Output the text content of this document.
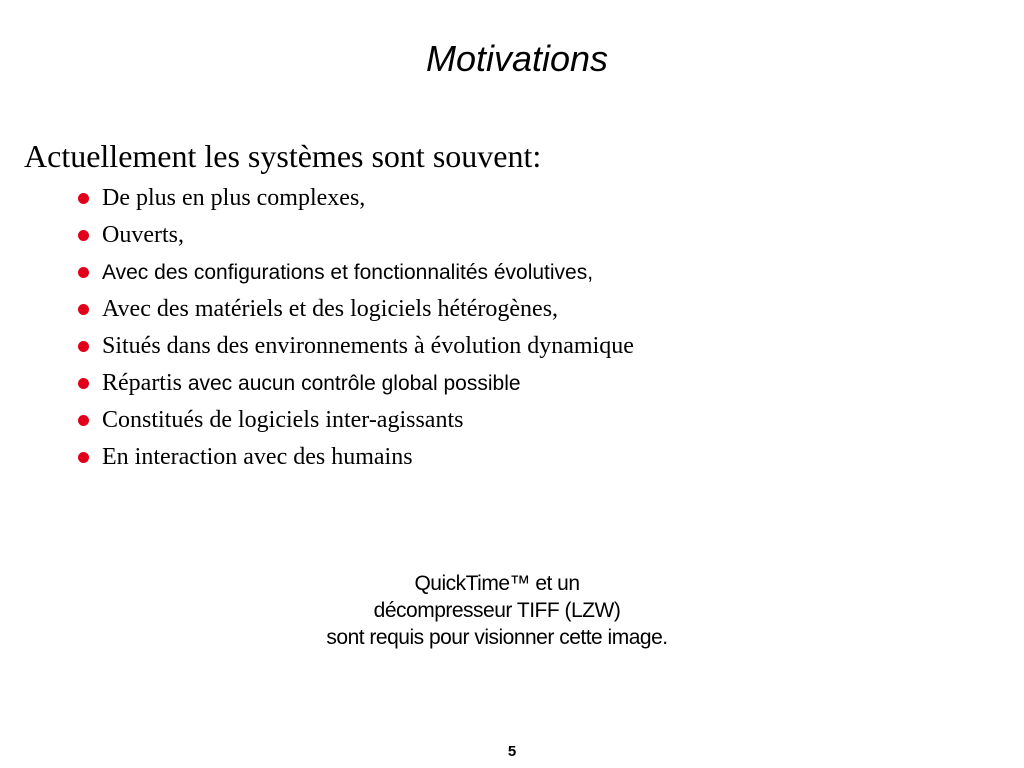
Motivations
Actuellement les systèmes sont souvent:
De plus en plus complexes,
Ouverts,
Avec des configurations et fonctionnalités évolutives,
Avec des matériels et des logiciels hétérogènes,
Situés dans des environnements à évolution dynamique
Répartis avec aucun contrôle global possible
Constitués de logiciels inter-agissants
En interaction avec des humains
QuickTime™ et un
décompresseur TIFF (LZW)
sont requis pour visionner cette image.
5
